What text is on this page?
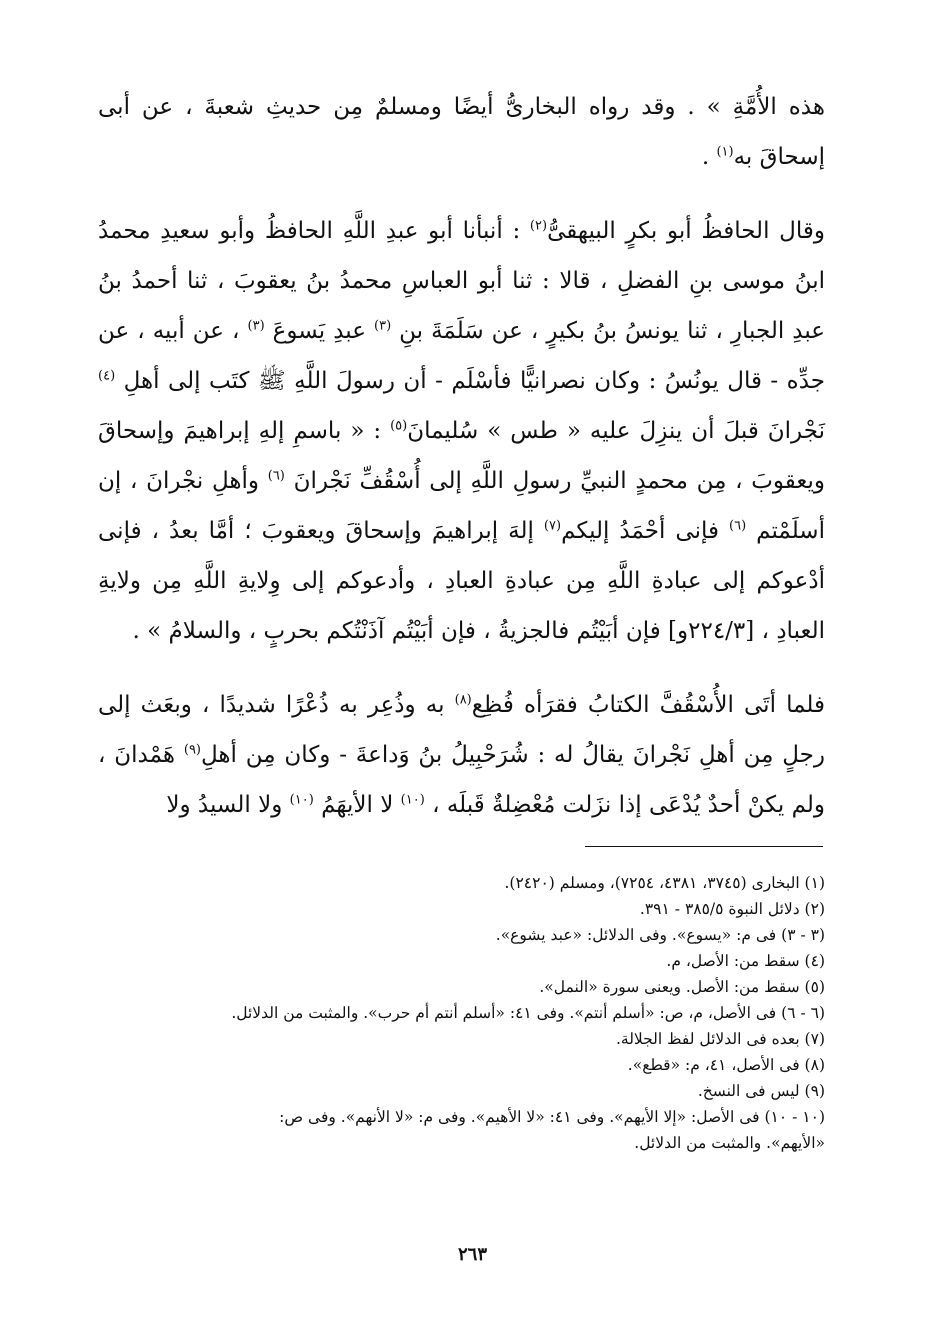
هذه الأُمَّةِ » . وقد رواه البخارىُّ أيضًا ومسلمٌ مِن حديثِ شعبةَ ، عن أبى إسحاقَ به$^{(١)}$ .

وقال الحافظُ أبو بكرٍ البيهقىُّ$^{(٢)}$ : أنبأنا أبو عبدِ اللَّهِ الحافظُ وأبو سعيدِ محمدُ ابنُ موسى بنِ الفضلِ ، قالا : ثنا أبو العباسِ محمدُ بنُ يعقوبَ ، ثنا أحمدُ بنُ عبدِ الجبارِ ، ثنا يونسُ بنُ بكيرٍ ، عن سَلَمَةَ بنِ $^{(٣)}$ عبدِ يَسوعَ $^{(٣)}$ ، عن أبيه ، عن جدِّه - قال يونُسُ : وكان نصرانيًّا فأسْلَم - أن رسولَ اللَّهِ ﷺ كتَب إلى أهلِ $^{(٤)}$ نَجْرانَ قبلَ أن ينزِلَ عليه « طس » سُليمانَ$^{(٥)}$ : « باسمِ إلهِ إبراهيمَ وإسحاقَ ويعقوبَ ، مِن محمدٍ النبيِّ رسولِ اللَّهِ إلى أُسْقُفِّ نَجْرانَ $^{(٦)}$ وأهلِ نجْرانَ ، إن أسلَمْتم $^{(٦)}$ فإنى أحْمَدُ إليكم$^{(٧)}$ إلهَ إبراهيمَ وإسحاقَ ويعقوبَ ؛ أمَّا بعدُ ، فإنى أدْعوكم إلى عبادةِ اللَّهِ مِن عبادةِ العبادِ ، وأدعوكم إلى وِلايةِ اللَّهِ مِن ولايةِ العبادِ ، [٢٢٤/٣و] فإن أبَيْتُم فالجزيةُ ، فإن أبَيْتُم آذَنْتُكم بحربٍ ، والسلامُ » .

فلما أتَى الأُسْقُفَّ الكتابُ فقرَأه فُظِع$^{(٨)}$ به وذُعِر به ذُعْرًا شديدًا ، وبعَث إلى رجلٍ مِن أهلِ نَجْرانَ يقالُ له : شُرَحْبِيلُ بنُ وَداعةَ - وكان مِن أهلِ$^{(٩)}$ هَمْدانَ ، ولم يكنْ أحدٌ يُدْعَى إذا نزَلت مُعْضِلةٌ قَبلَه ، $^{(١٠)}$ لا الأيهَمُ $^{(١٠)}$ ولا السيدُ ولا

(١) البخارى (٣٧٤٥، ٤٣٨١، ٧٢٥٤)، ومسلم (٢٤٢٠).
(٢) دلائل النبوة ٣٨٥/٥ - ٣٩١.
(٣ - ٣) فى م: «يسوع». وفى الدلائل: «عبد يشوع».
(٤) سقط من: الأصل، م.
(٥) سقط من: الأصل. ويعنى سورة «النمل».
(٦ - ٦) فى الأصل، م، ص: «أسلم أنتم». وفى ٤١: «أسلم أنتم أم حرب». والمثبت من الدلائل.
(٧) بعده فى الدلائل لفظ الجلالة.
(٨) فى الأصل، ٤١، م: «قطع».
(٩) ليس فى النسخ.
(١٠ - ١٠) فى الأصل: «إلا الأيهم». وفى ٤١: «لا الأهيم». وفى م: «لا الأنهم». وفى ص:
«الأيهم». والمثبت من الدلائل.
٢٦٣
